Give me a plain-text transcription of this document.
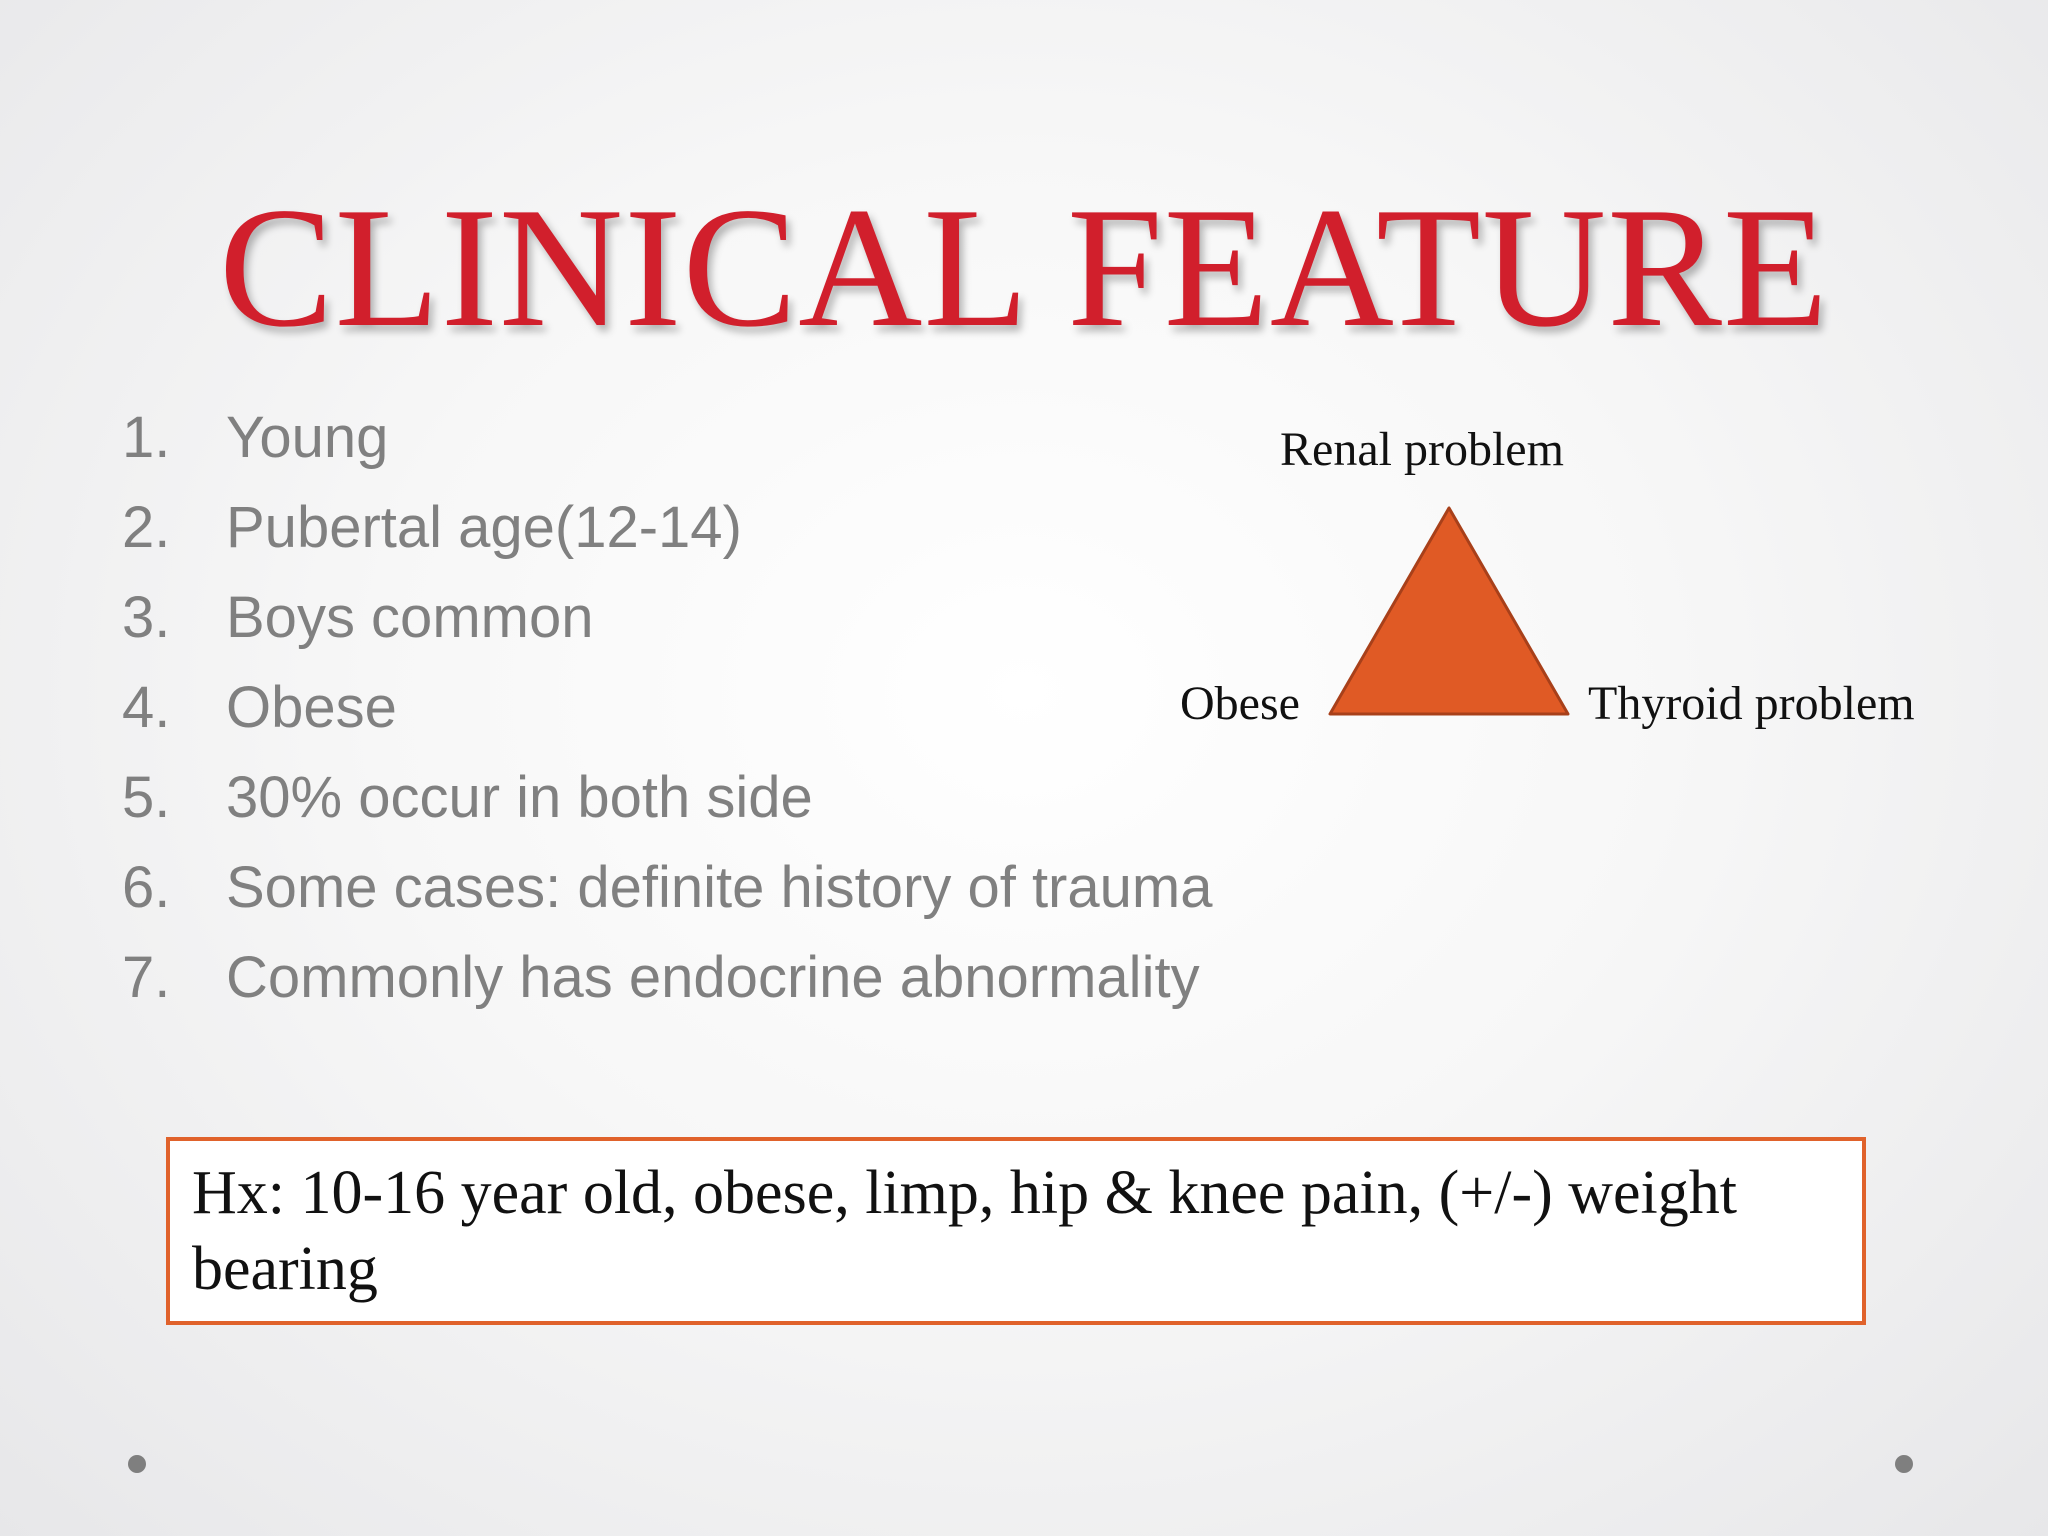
CLINICAL FEATURE
1. Young
2. Pubertal age(12-14)
3. Boys common
4. Obese
5. 30% occur in both side
6. Some cases: definite history of trauma
7. Commonly has endocrine abnormality
Renal problem
Obese	Thyroid problem
Hx: 10-16 year old, obese, limp, hip & knee pain, (+/-) weight bearing
